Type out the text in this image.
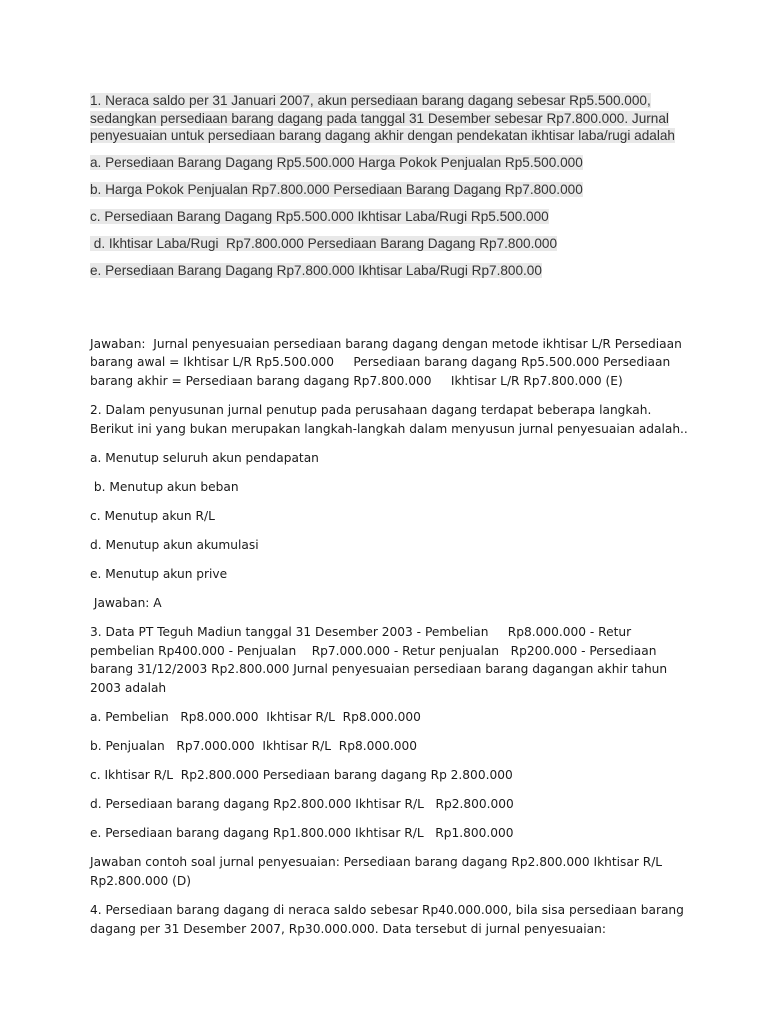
1. Neraca saldo per 31 Januari 2007, akun persediaan barang dagang sebesar Rp5.500.000, sedangkan persediaan barang dagang pada tanggal 31 Desember sebesar Rp7.800.000. Jurnal penyesuaian untuk persediaan barang dagang akhir dengan pendekatan ikhtisar laba/rugi adalah

a. Persediaan Barang Dagang Rp5.500.000 Harga Pokok Penjualan Rp5.500.000

b. Harga Pokok Penjualan Rp7.800.000 Persediaan Barang Dagang Rp7.800.000

c. Persediaan Barang Dagang Rp5.500.000 Ikhtisar Laba/Rugi Rp5.500.000

d. Ikhtisar Laba/Rugi  Rp7.800.000 Persediaan Barang Dagang Rp7.800.000

e. Persediaan Barang Dagang Rp7.800.000 Ikhtisar Laba/Rugi Rp7.800.00

Jawaban:  Jurnal penyesuaian persediaan barang dagang dengan metode ikhtisar L/R Persediaan barang awal = Ikhtisar L/R Rp5.500.000     Persediaan barang dagang Rp5.500.000 Persediaan barang akhir = Persediaan barang dagang Rp7.800.000     Ikhtisar L/R Rp7.800.000 (E)

2. Dalam penyusunan jurnal penutup pada perusahaan dagang terdapat beberapa langkah. Berikut ini yang bukan merupakan langkah-langkah dalam menyusun jurnal penyesuaian adalah..

a. Menutup seluruh akun pendapatan

b. Menutup akun beban

c. Menutup akun R/L

d. Menutup akun akumulasi

e. Menutup akun prive

Jawaban: A

3. Data PT Teguh Madiun tanggal 31 Desember 2003 - Pembelian     Rp8.000.000 - Retur pembelian Rp400.000 - Penjualan    Rp7.000.000 - Retur penjualan   Rp200.000 - Persediaan barang 31/12/2003 Rp2.800.000 Jurnal penyesuaian persediaan barang dagangan akhir tahun 2003 adalah

a. Pembelian   Rp8.000.000  Ikhtisar R/L  Rp8.000.000

b. Penjualan   Rp7.000.000  Ikhtisar R/L  Rp8.000.000

c. Ikhtisar R/L  Rp2.800.000 Persediaan barang dagang Rp 2.800.000

d. Persediaan barang dagang Rp2.800.000 Ikhtisar R/L   Rp2.800.000

e. Persediaan barang dagang Rp1.800.000 Ikhtisar R/L   Rp1.800.000

Jawaban contoh soal jurnal penyesuaian: Persediaan barang dagang Rp2.800.000 Ikhtisar R/L Rp2.800.000 (D)

4. Persediaan barang dagang di neraca saldo sebesar Rp40.000.000, bila sisa persediaan barang dagang per 31 Desember 2007, Rp30.000.000. Data tersebut di jurnal penyesuaian:
